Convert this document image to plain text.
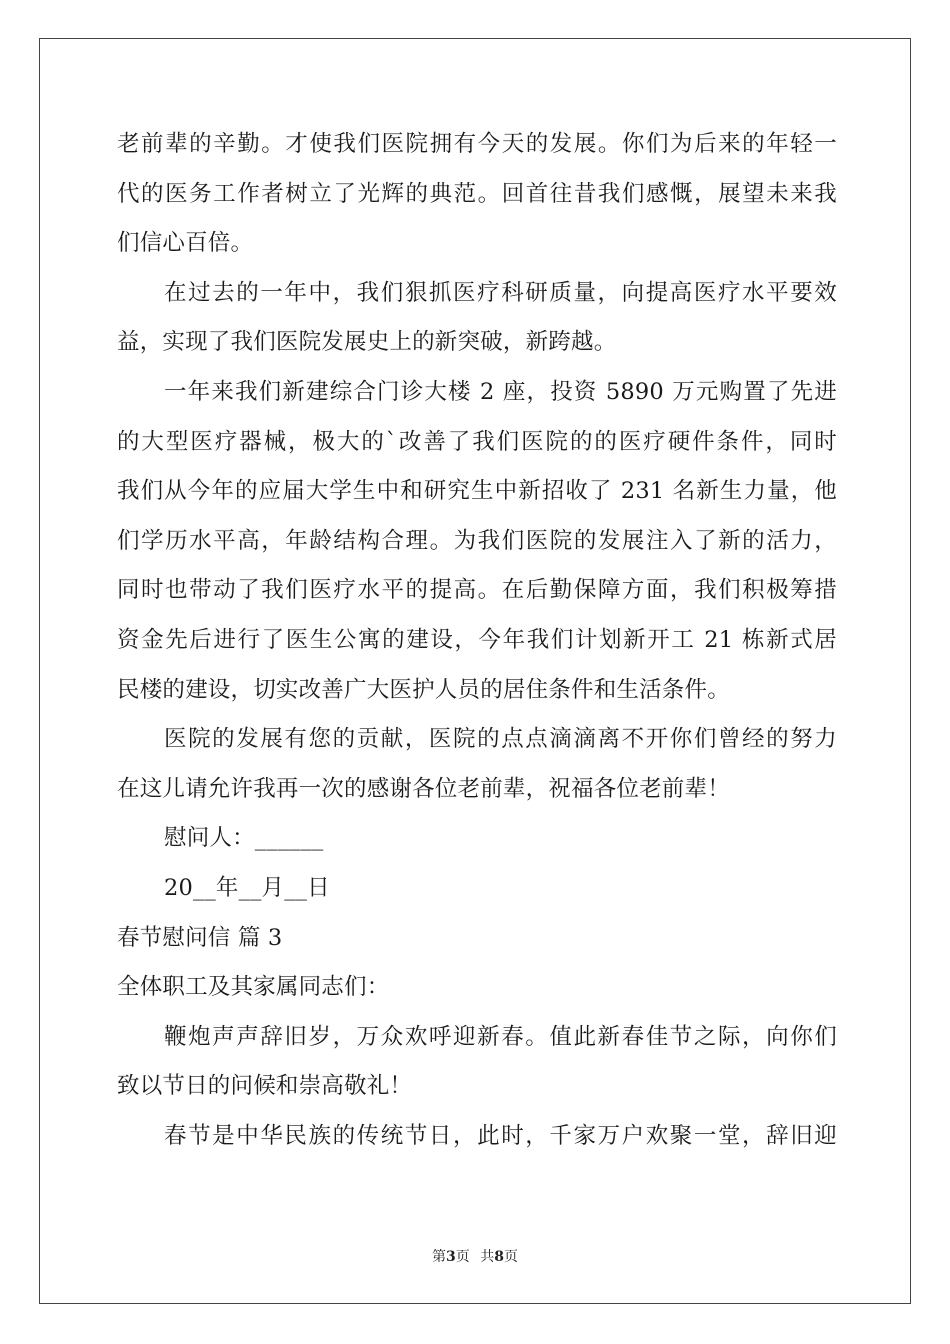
老前辈的辛勤。才使我们医院拥有今天的发展。你们为后来的年轻一
代的医务工作者树立了光辉的典范。回首往昔我们感慨，展望未来我
们信心百倍。
在过去的一年中，我们狠抓医疗科研质量，向提高医疗水平要效
益，实现了我们医院发展史上的新突破，新跨越。
一年来我们新建综合门诊大楼 2 座，投资 5890 万元购置了先进
的大型医疗器械，极大的`改善了我们医院的的医疗硬件条件，同时
我们从今年的应届大学生中和研究生中新招收了 231 名新生力量，他
们学历水平高，年龄结构合理。为我们医院的发展注入了新的活力，
同时也带动了我们医疗水平的提高。在后勤保障方面，我们积极筹措
资金先后进行了医生公寓的建设，今年我们计划新开工 21 栋新式居
民楼的建设，切实改善广大医护人员的居住条件和生活条件。
医院的发展有您的贡献，医院的点点滴滴离不开你们曾经的努力
在这儿请允许我再一次的感谢各位老前辈，祝福各位老前辈！
慰问人：______
20__年__月__日
春节慰问信 篇 3
全体职工及其家属同志们：
鞭炮声声辞旧岁，万众欢呼迎新春。值此新春佳节之际，向你们
致以节日的问候和崇高敬礼！
春节是中华民族的传统节日，此时，千家万户欢聚一堂，辞旧迎
第3页 共8页
